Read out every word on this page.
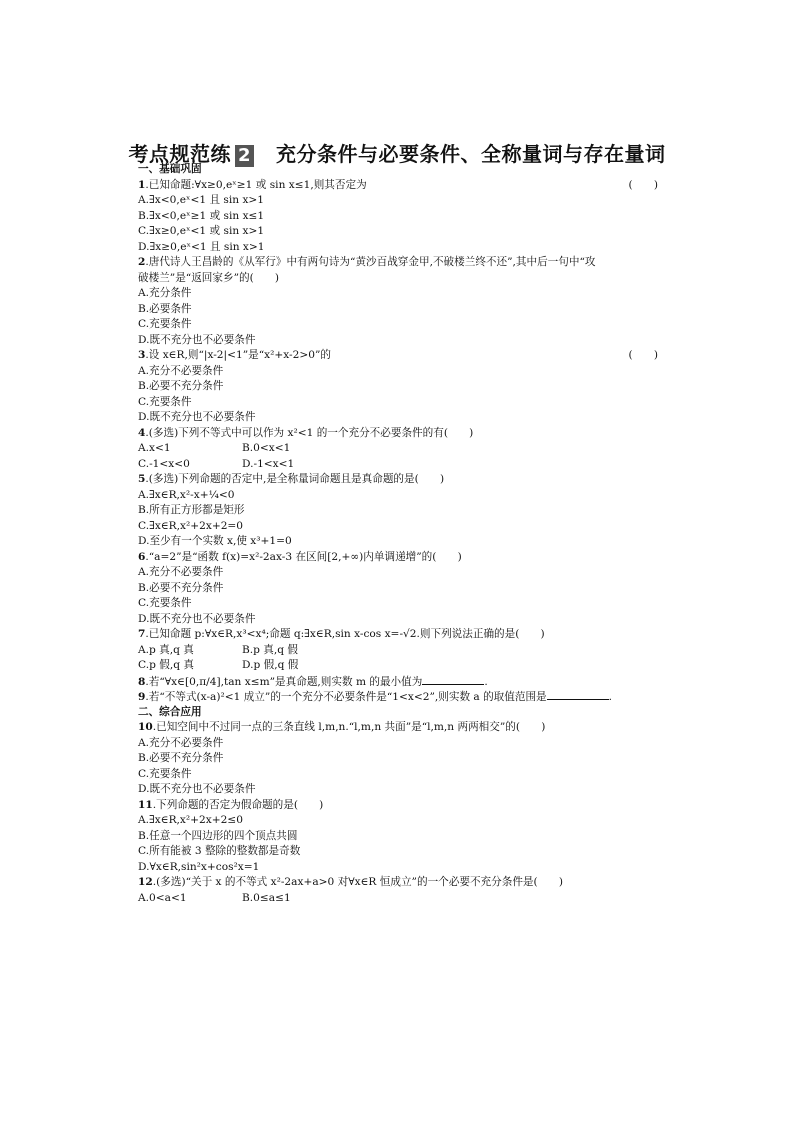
考点规范练 2 充分条件与必要条件、全称量词与存在量词
一、基础巩固
1.已知命题:∀x≥0,eˣ≥1 或 sin x≤1,则其否定为	(　　)
A.∃x<0,eˣ<1 且 sin x>1
B.∃x<0,eˣ≥1 或 sin x≤1
C.∃x≥0,eˣ<1 或 sin x>1
D.∃x≥0,eˣ<1 且 sin x>1
2.唐代诗人王昌龄的《从军行》中有两句诗为“黄沙百战穿金甲,不破楼兰终不还”,其中后一句中“攻
破楼兰”是“返回家乡”的(　　)
A.充分条件
B.必要条件
C.充要条件
D.既不充分也不必要条件
3.设 x∈R,则“|x-2|<1”是“x²+x-2>0”的	(　　)
A.充分不必要条件
B.必要不充分条件
C.充要条件
D.既不充分也不必要条件
4.(多选)下列不等式中可以作为 x²<1 的一个充分不必要条件的有(　　)
A.x<1	B.0<x<1
C.-1<x<0	D.-1<x<1
5.(多选)下列命题的否定中,是全称量词命题且是真命题的是(　　)
A.∃x∈R,x²-x+¼<0
B.所有正方形都是矩形
C.∃x∈R,x²+2x+2=0
D.至少有一个实数 x,使 x³+1=0
6.“a=2”是“函数 f(x)=x²-2ax-3 在区间[2,+∞)内单调递增”的(　　)
A.充分不必要条件
B.必要不充分条件
C.充要条件
D.既不充分也不必要条件
7.已知命题 p:∀x∈R,x³<x⁴;命题 q:∃x∈R,sin x-cos x=-√2.则下列说法正确的是(　　)
A.p 真,q 真	B.p 真,q 假
C.p 假,q 真	D.p 假,q 假
8.若“∀x∈[0,π/4],tan x≤m”是真命题,则实数 m 的最小值为	.
9.若“不等式(x-a)²<1 成立”的一个充分不必要条件是“1<x<2”,则实数 a 的取值范围是	.
二、综合应用
10.已知空间中不过同一点的三条直线 l,m,n.“l,m,n 共面”是“l,m,n 两两相交”的(　　)
A.充分不必要条件
B.必要不充分条件
C.充要条件
D.既不充分也不必要条件
11.下列命题的否定为假命题的是(　　)
A.∃x∈R,x²+2x+2≤0
B.任意一个四边形的四个顶点共圆
C.所有能被 3 整除的整数都是奇数
D.∀x∈R,sin²x+cos²x=1
12.(多选)“关于 x 的不等式 x²-2ax+a>0 对∀x∈R 恒成立”的一个必要不充分条件是(　　)
A.0<a<1	B.0≤a≤1
